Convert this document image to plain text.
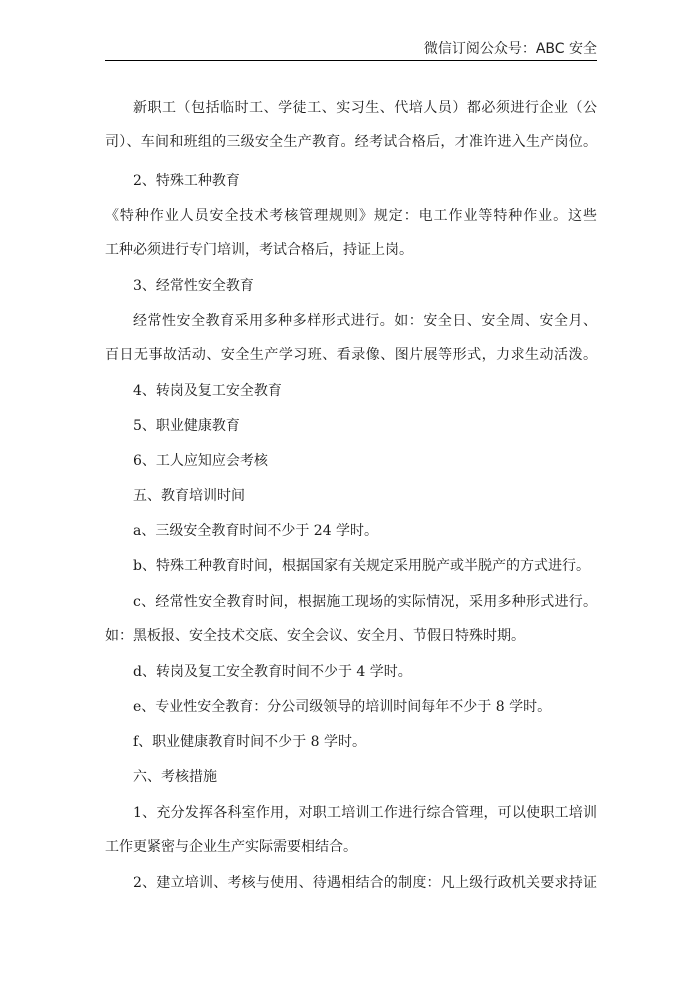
微信订阅公众号：ABC 安全
新职工（包括临时工、学徒工、实习生、代培人员）都必须进行企业（公
司）、车间和班组的三级安全生产教育。经考试合格后，才准许进入生产岗位。
2、特殊工种教育
《特种作业人员安全技术考核管理规则》规定：电工作业等特种作业。这些
工种必须进行专门培训，考试合格后，持证上岗。
3、经常性安全教育
经常性安全教育采用多种多样形式进行。如：安全日、安全周、安全月、
百日无事故活动、安全生产学习班、看录像、图片展等形式，力求生动活泼。
4、转岗及复工安全教育
5、职业健康教育
6、工人应知应会考核
五、教育培训时间
a、三级安全教育时间不少于 24 学时。
b、特殊工种教育时间，根据国家有关规定采用脱产或半脱产的方式进行。
c、经常性安全教育时间，根据施工现场的实际情况，采用多种形式进行。
如：黑板报、安全技术交底、安全会议、安全月、节假日特殊时期。
d、转岗及复工安全教育时间不少于 4 学时。
e、专业性安全教育：分公司级领导的培训时间每年不少于 8 学时。
f、职业健康教育时间不少于 8 学时。
六、考核措施
1、充分发挥各科室作用，对职工培训工作进行综合管理，可以使职工培训
工作更紧密与企业生产实际需要相结合。
2、建立培训、考核与使用、待遇相结合的制度：凡上级行政机关要求持证
